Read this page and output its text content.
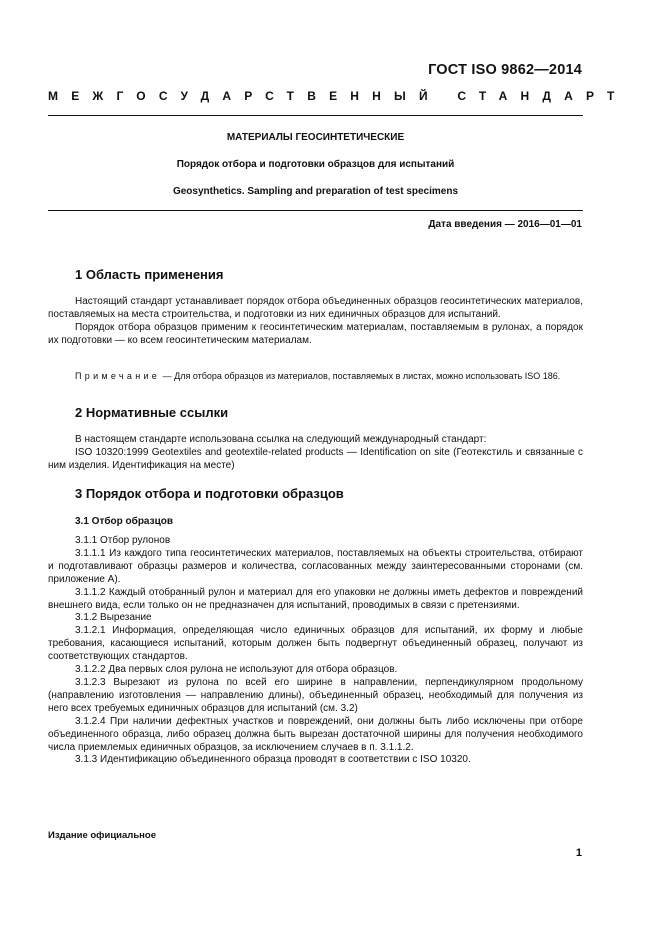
ГОСТ ISO 9862—2014
МЕЖГОСУДАРСТВЕННЫЙ СТАНДАРТ
МАТЕРИАЛЫ ГЕОСИНТЕТИЧЕСКИЕ
Порядок отбора и подготовки образцов для испытаний
Geosynthetics. Sampling and preparation of test specimens
Дата введения — 2016—01—01
1 Область применения

Настоящий стандарт устанавливает порядок отбора объединенных образцов геосинтетических материалов, поставляемых на места строительства, и подготовки из них единичных образцов для испытаний.

Порядок отбора образцов применим к геосинтетическим материалам, поставляемым в рулонах, а порядок их подготовки — ко всем геосинтетическим материалам.

Примечание — Для отбора образцов из материалов, поставляемых в листах, можно использовать ISO 186.
2 Нормативные ссылки

В настоящем стандарте использована ссылка на следующий международный стандарт:

ISO 10320:1999 Geotextiles and geotextile-related products — Identification on site (Геотекстиль и связанные с ним изделия. Идентификация на месте)

3 Порядок отбора и подготовки образцов
3.1 Отбор образцов

3.1.1 Отбор рулонов

3.1.1.1 Из каждого типа геосинтетических материалов, поставляемых на объекты строительства, отбирают и подготавливают образцы размеров и количества, согласованных между заинтересованными сторонами (см. приложение А).

3.1.1.2 Каждый отобранный рулон и материал для его упаковки не должны иметь дефектов и повреждений внешнего вида, если только он не предназначен для испытаний, проводимых в связи с претензиями.

3.1.2 Вырезание

3.1.2.1 Информация, определяющая число единичных образцов для испытаний, их форму и любые требования, касающиеся испытаний, которым должен быть подвергнут объединенный образец, получают из соответствующих стандартов.

3.1.2.2 Два первых слоя рулона не используют для отбора образцов.

3.1.2.3 Вырезают из рулона по всей его ширине в направлении, перпендикулярном продольному (направлению изготовления — направлению длины), объединенный образец, необходимый для получения из него всех требуемых единичных образцов для испытаний (см. 3.2)

3.1.2.4 При наличии дефектных участков и повреждений, они должны быть либо исключены при отборе объединенного образца, либо образец должна быть вырезан достаточной ширины для получения необходимого числа приемлемых единичных образцов, за исключением случаев в п. 3.1.1.2.

3.1.3 Идентификацию объединенного образца проводят в соответствии с ISO 10320.

Издание официальное
1
